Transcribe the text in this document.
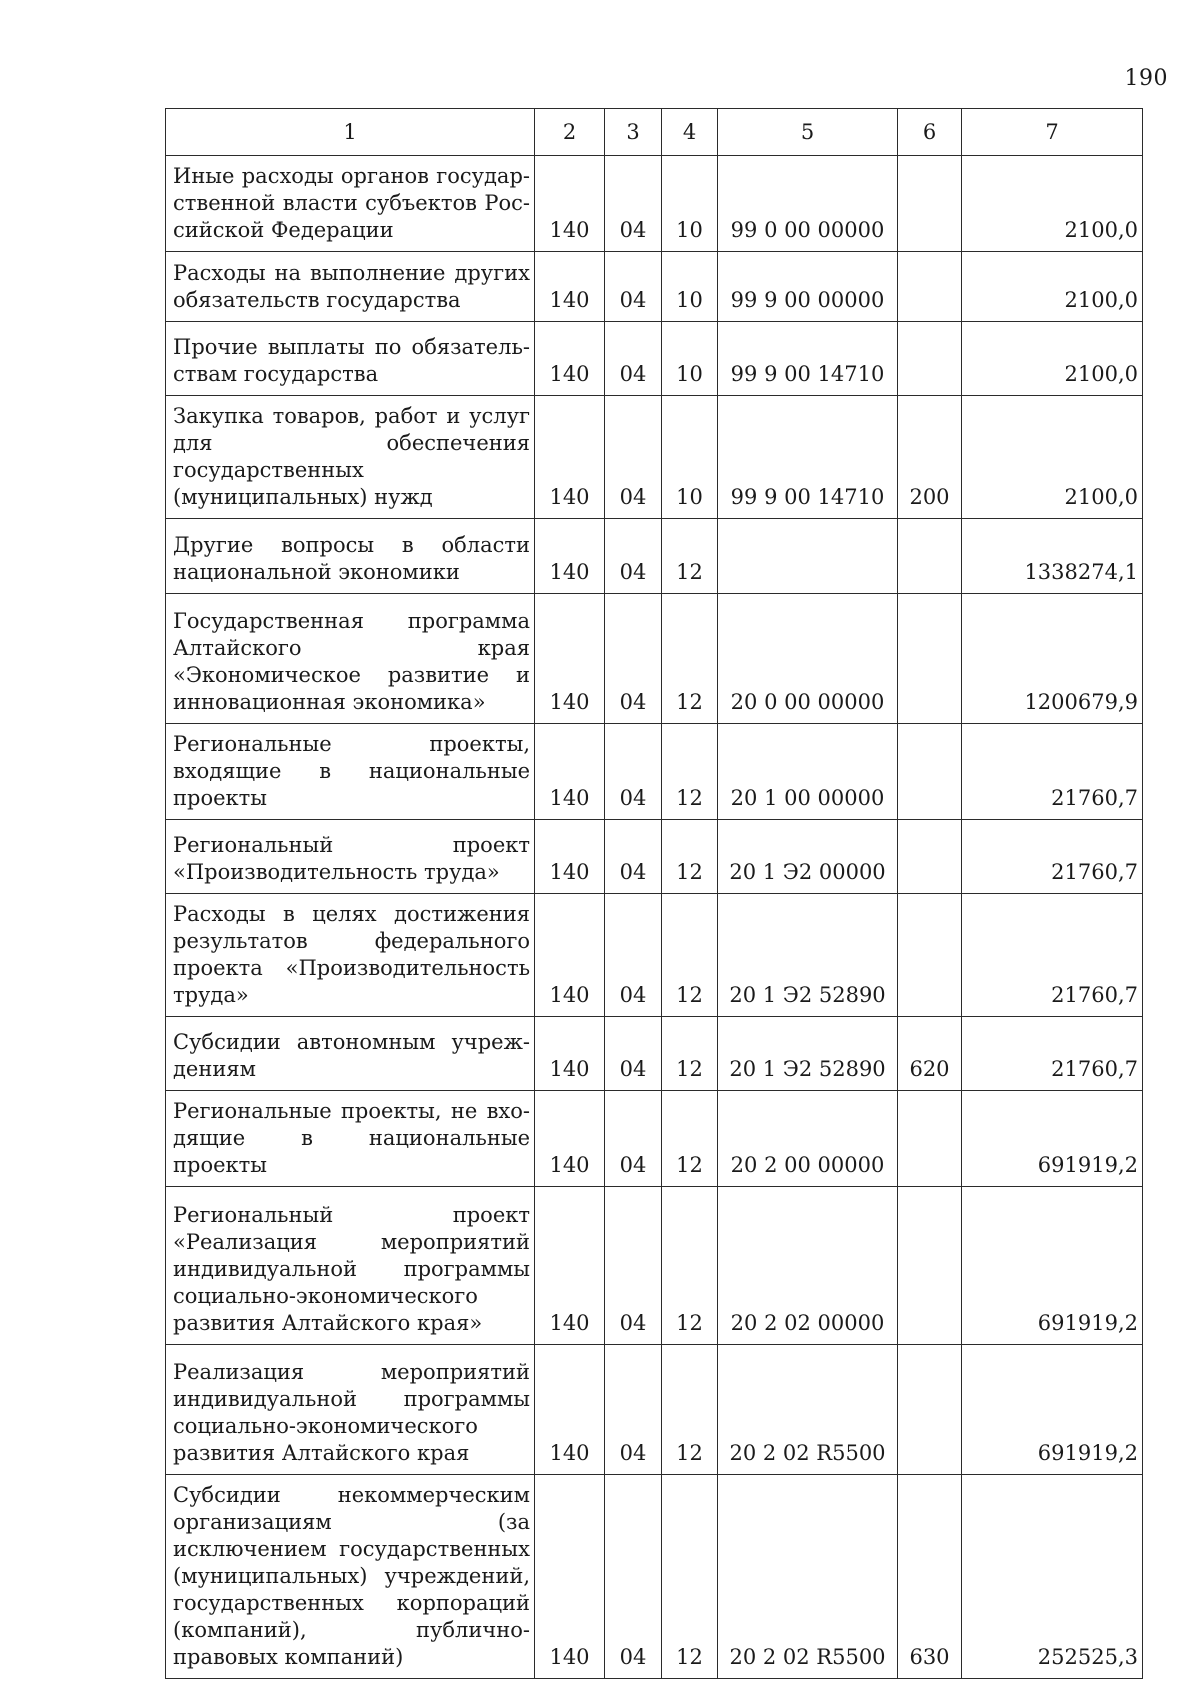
190
1	2	3	4	5	6	7
Иные расходы органов государственной власти субъектов Российской Федерации	140	04	10	99 0 00 00000		2100,0
Расходы на выполнение других обязательств государства	140	04	10	99 9 00 00000		2100,0
Прочие выплаты по обязательствам государства	140	04	10	99 9 00 14710		2100,0
Закупка товаров, работ и услуг для обеспечения государственных (муниципальных) нужд	140	04	10	99 9 00 14710	200	2100,0
Другие вопросы в области национальной экономики	140	04	12			1338274,1
Государственная программа Алтайского края «Экономическое развитие и инновационная экономика»	140	04	12	20 0 00 00000		1200679,9
Региональные проекты, входящие в национальные проекты	140	04	12	20 1 00 00000		21760,7
Региональный проект «Производительность труда»	140	04	12	20 1 Э2 00000		21760,7
Расходы в целях достижения результатов федерального проекта «Производительность труда»	140	04	12	20 1 Э2 52890		21760,7
Субсидии автономным учреждениям	140	04	12	20 1 Э2 52890	620	21760,7
Региональные проекты, не входящие в национальные проекты	140	04	12	20 2 00 00000		691919,2
Региональный проект «Реализация мероприятий индивидуальной программы социально-экономического развития Алтайского края»	140	04	12	20 2 02 00000		691919,2
Реализация мероприятий индивидуальной программы социально-экономического развития Алтайского края	140	04	12	20 2 02 R5500		691919,2
Субсидии некоммерческим организациям (за исключением государственных (муниципальных) учреждений, государственных корпораций (компаний), публично-правовых компаний)	140	04	12	20 2 02 R5500	630	252525,3
